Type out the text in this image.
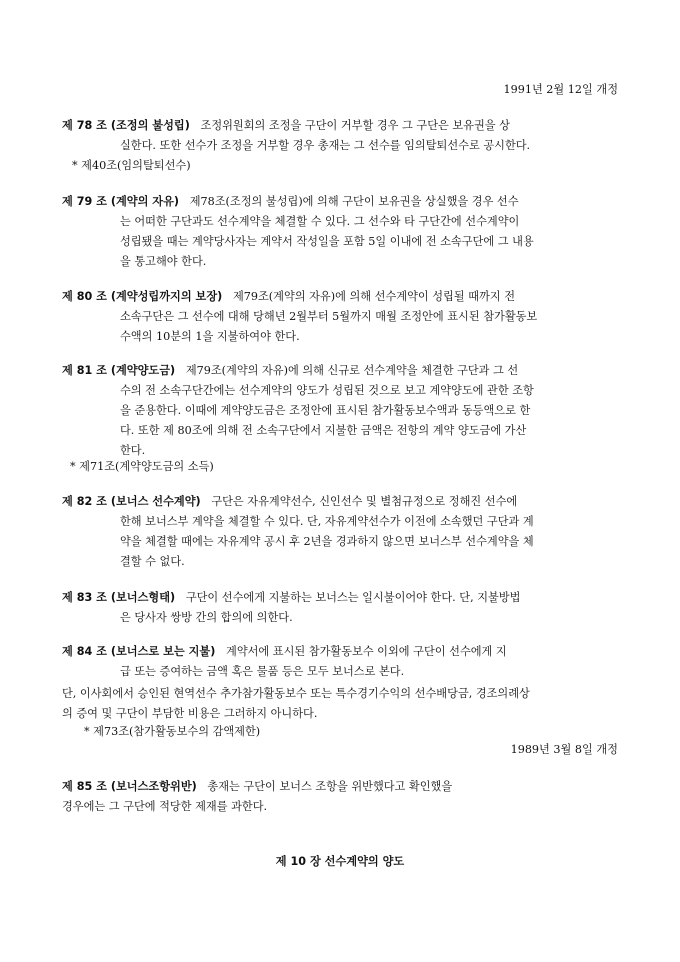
1991년 2월 12일 개정
제 78 조 (조정의 불성립) 조정위원회의 조정을 구단이 거부할 경우 그 구단은 보유권을 상
실한다. 또한 선수가 조정을 거부할 경우 총재는 그 선수를 임의탈퇴선수로 공시한다.
* 제40조(임의탈퇴선수)
제 79 조 (계약의 자유) 제78조(조정의 불성립)에 의해 구단이 보유권을 상실했을 경우 선수
는 어떠한 구단과도 선수계약을 체결할 수 있다. 그 선수와 타 구단간에 선수계약이
성립됐을 때는 계약당사자는 계약서 작성일을 포함 5일 이내에 전 소속구단에 그 내용
을 통고해야 한다.
제 80 조 (계약성립까지의 보장) 제79조(계약의 자유)에 의해 선수계약이 성립될 때까지 전
소속구단은 그 선수에 대해 당해년 2월부터 5월까지 매월 조정안에 표시된 참가활동보
수액의 10분의 1을 지불하여야 한다.
제 81 조 (계약양도금) 제79조(계약의 자유)에 의해 신규로 선수계약을 체결한 구단과 그 선
수의 전 소속구단간에는 선수계약의 양도가 성립된 것으로 보고 계약양도에 관한 조항
을 준용한다. 이때에 계약양도금은 조정안에 표시된 참가활동보수액과 동등액으로 한
다. 또한 제 80조에 의해 전 소속구단에서 지불한 금액은 전항의 계약 양도금에 가산
한다.
* 제71조(계약양도금의 소득)
제 82 조 (보너스 선수계약) 구단은 자유계약선수, 신인선수 및 별첨규정으로 정해진 선수에
한해 보너스부 계약을 체결할 수 있다. 단, 자유계약선수가 이전에 소속했던 구단과 계
약을 체결할 때에는 자유계약 공시 후 2년을 경과하지 않으면 보너스부 선수계약을 체
결할 수 없다.
제 83 조 (보너스형태) 구단이 선수에게 지불하는 보너스는 일시불이어야 한다. 단, 지불방법
은 당사자 쌍방 간의 합의에 의한다.
제 84 조 (보너스로 보는 지불) 계약서에 표시된 참가활동보수 이외에 구단이 선수에게 지
급 또는 증여하는 금액 혹은 물품 등은 모두 보너스로 본다.
단, 이사회에서 승인된 현역선수 추가참가활동보수 또는 특수경기수익의 선수배당금, 경조의례상
의 증여 및 구단이 부담한 비용은 그러하지 아니하다.
* 제73조(참가활동보수의 감액제한)
1989년 3월 8일 개정
제 85 조 (보너스조항위반) 총재는 구단이 보너스 조항을 위반했다고 확인했을
경우에는 그 구단에 적당한 제재를 과한다.
제 10 장 선수계약의 양도
